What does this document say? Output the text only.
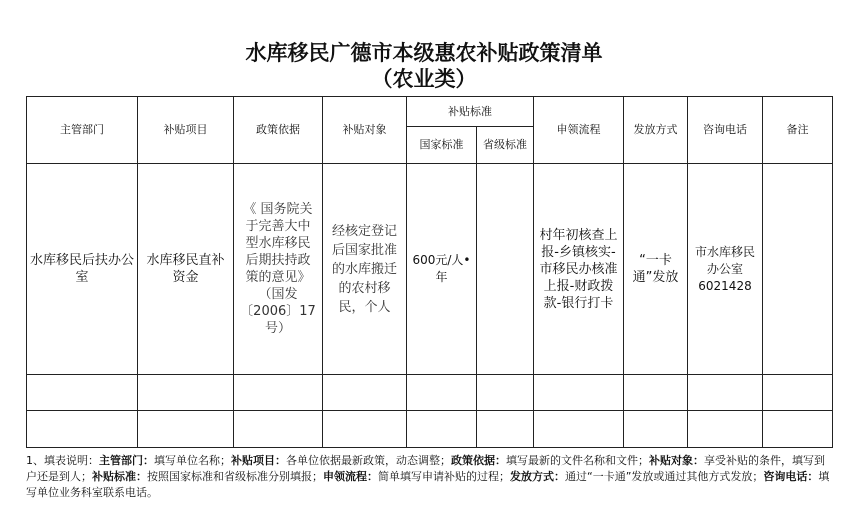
水库移民广德市本级惠农补贴政策清单
（农业类）
主管部门	补贴项目	政策依据	补贴对象	补贴标准		申领流程	发放方式	咨询电话	备注
				国家标准	省级标准				
水库移民后扶办公室	水库移民直补资金	《 国务院关于完善大中型水库移民后期扶持政策的意见》（国发〔2006〕17号）	经核定登记后国家批准的水库搬迁的农村移民，个人	600元/人•年		村年初核查上报-乡镇核实-市移民办核准上报-财政拨款-银行打卡	“一卡通”发放	市水库移民办公室6021428	

1、填表说明：主管部门：填写单位名称；补贴项目：各单位依据最新政策，动态调整；政策依据：填写最新的文件名称和文件；补贴对象：享受补贴的条件，填写到户还是到人；补贴标准：按照国家标准和省级标准分别填报；申领流程：简单填写申请补贴的过程；发放方式：通过“一卡通”发放或通过其他方式发放；咨询电话：填写单位业务科室联系电话。
